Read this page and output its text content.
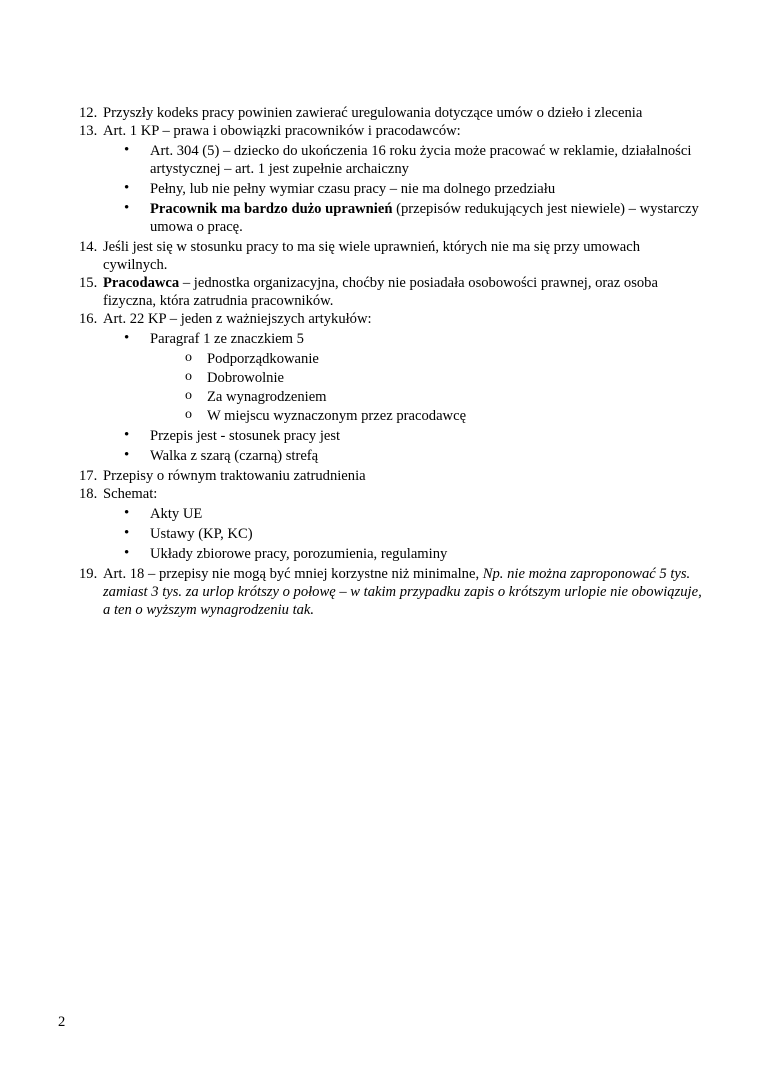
12. Przyszły kodeks pracy powinien zawierać uregulowania dotyczące umów o dzieło i zlecenia
13. Art. 1 KP – prawa i obowiązki pracowników i pracodawców:
• Art. 304 (5) – dziecko do ukończenia 16 roku życia może pracować w reklamie, działalności artystycznej – art. 1 jest zupełnie archaiczny
• Pełny, lub nie pełny wymiar czasu pracy – nie ma dolnego przedziału
• Pracownik ma bardzo dużo uprawnień (przepisów redukujących jest niewiele) – wystarczy umowa o pracę.
14. Jeśli jest się w stosunku pracy to ma się wiele uprawnień, których nie ma się przy umowach cywilnych.
15. Pracodawca – jednostka organizacyjna, choćby nie posiadała osobowości prawnej, oraz osoba fizyczna, która zatrudnia pracowników.
16. Art. 22 KP – jeden z ważniejszych artykułów:
• Paragraf 1 ze znaczkiem 5
o Podporządkowanie
o Dobrowolnie
o Za wynagrodzeniem
o W miejscu wyznaczonym przez pracodawcę
• Przepis jest - stosunek pracy jest
• Walka z szarą (czarną) strefą
17. Przepisy o równym traktowaniu zatrudnienia
18. Schemat:
• Akty UE
• Ustawy (KP, KC)
• Układy zbiorowe pracy, porozumienia, regulaminy
19. Art. 18 – przepisy nie mogą być mniej korzystne niż minimalne, Np. nie można zaproponować 5 tys. zamiast 3 tys. za urlop krótszy o połowę – w takim przypadku zapis o krótszym urlopie nie obowiązuje, a ten o wyższym wynagrodzeniu tak.
2
